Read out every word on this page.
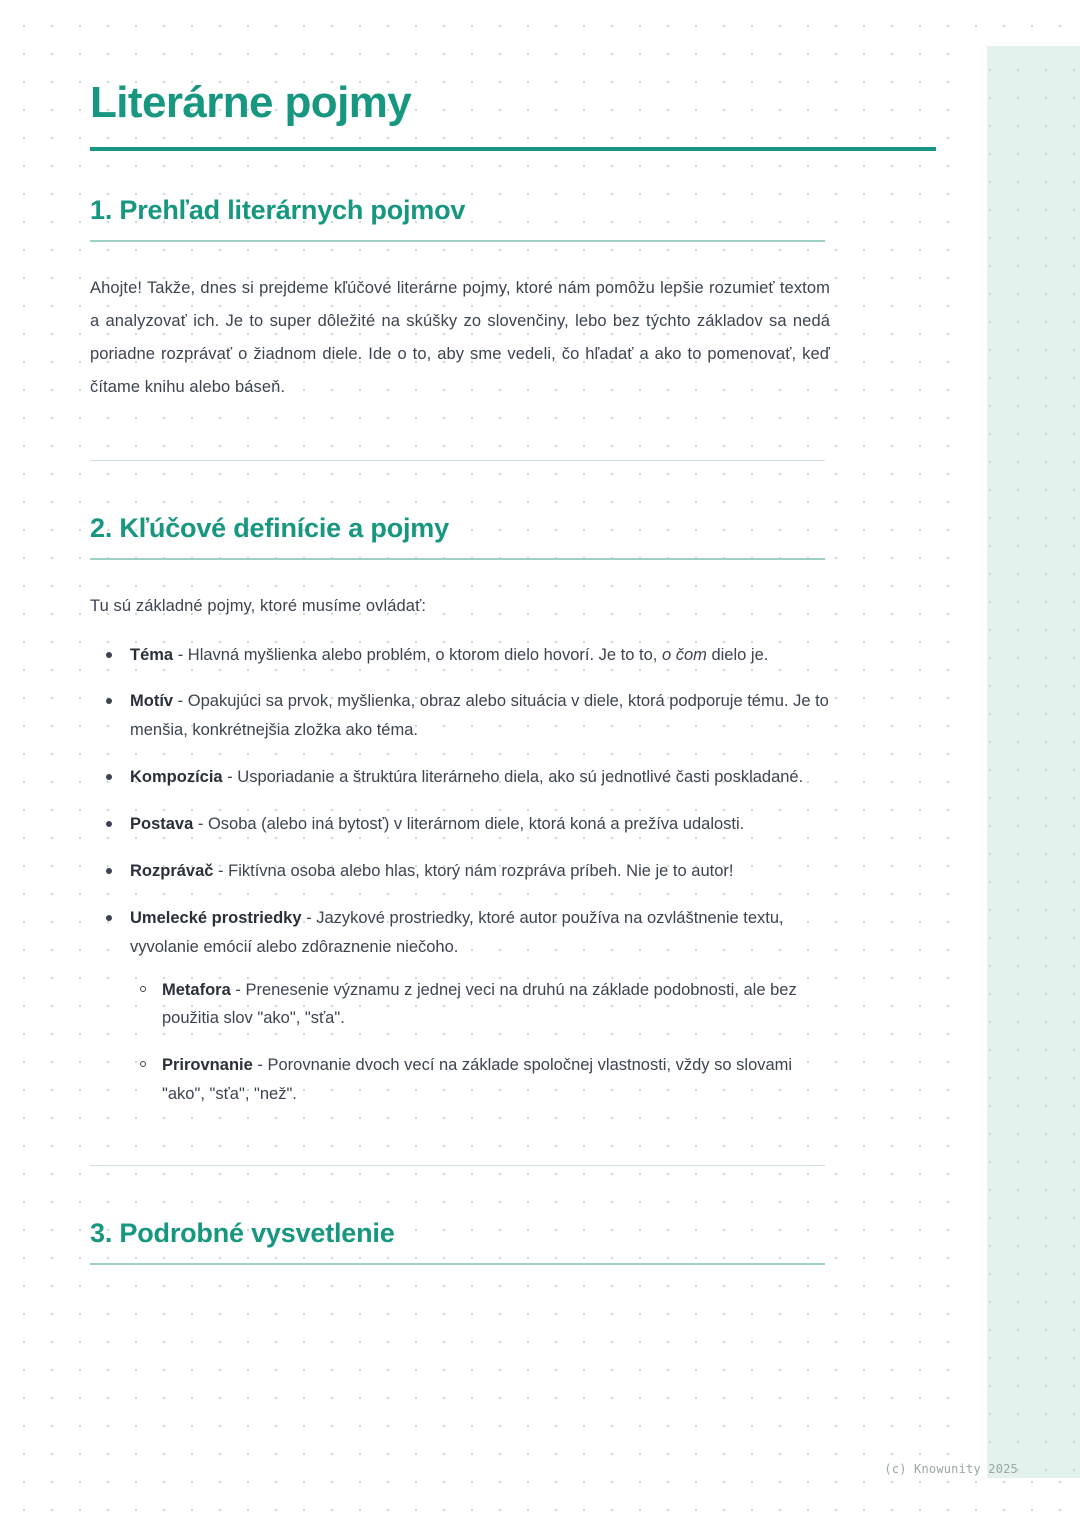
Literárne pojmy
1. Prehľad literárnych pojmov

Ahojte! Takže, dnes si prejdeme kľúčové literárne pojmy, ktoré nám pomôžu lepšie rozumieť textom a analyzovať ich. Je to super dôležité na skúšky zo slovenčiny, lebo bez týchto základov sa nedá poriadne rozprávať o žiadnom diele. Ide o to, aby sme vedeli, čo hľadať a ako to pomenovať, keď čítame knihu alebo báseň.

2. Kľúčové definície a pojmy

Tu sú základné pojmy, ktoré musíme ovládať:

Téma - Hlavná myšlienka alebo problém, o ktorom dielo hovorí. Je to to, o čom dielo je.
Motív - Opakujúci sa prvok, myšlienka, obraz alebo situácia v diele, ktorá podporuje tému. Je to menšia, konkrétnejšia zložka ako téma.
Kompozícia - Usporiadanie a štruktúra literárneho diela, ako sú jednotlivé časti poskladané.
Postava - Osoba (alebo iná bytosť) v literárnom diele, ktorá koná a prežíva udalosti.
Rozprávač - Fiktívna osoba alebo hlas, ktorý nám rozpráva príbeh. Nie je to autor!
Umelecké prostriedky - Jazykové prostriedky, ktoré autor používa na ozvláštnenie textu, vyvolanie emócií alebo zdôraznenie niečoho.
Metafora - Prenesenie významu z jednej veci na druhú na základe podobnosti, ale bez použitia slov "ako", "sťa".
Prirovnanie - Porovnanie dvoch vecí na základe spoločnej vlastnosti, vždy so slovami "ako", "sťa", "než".
3. Podrobné vysvetlenie
(c) Knowunity 2025
